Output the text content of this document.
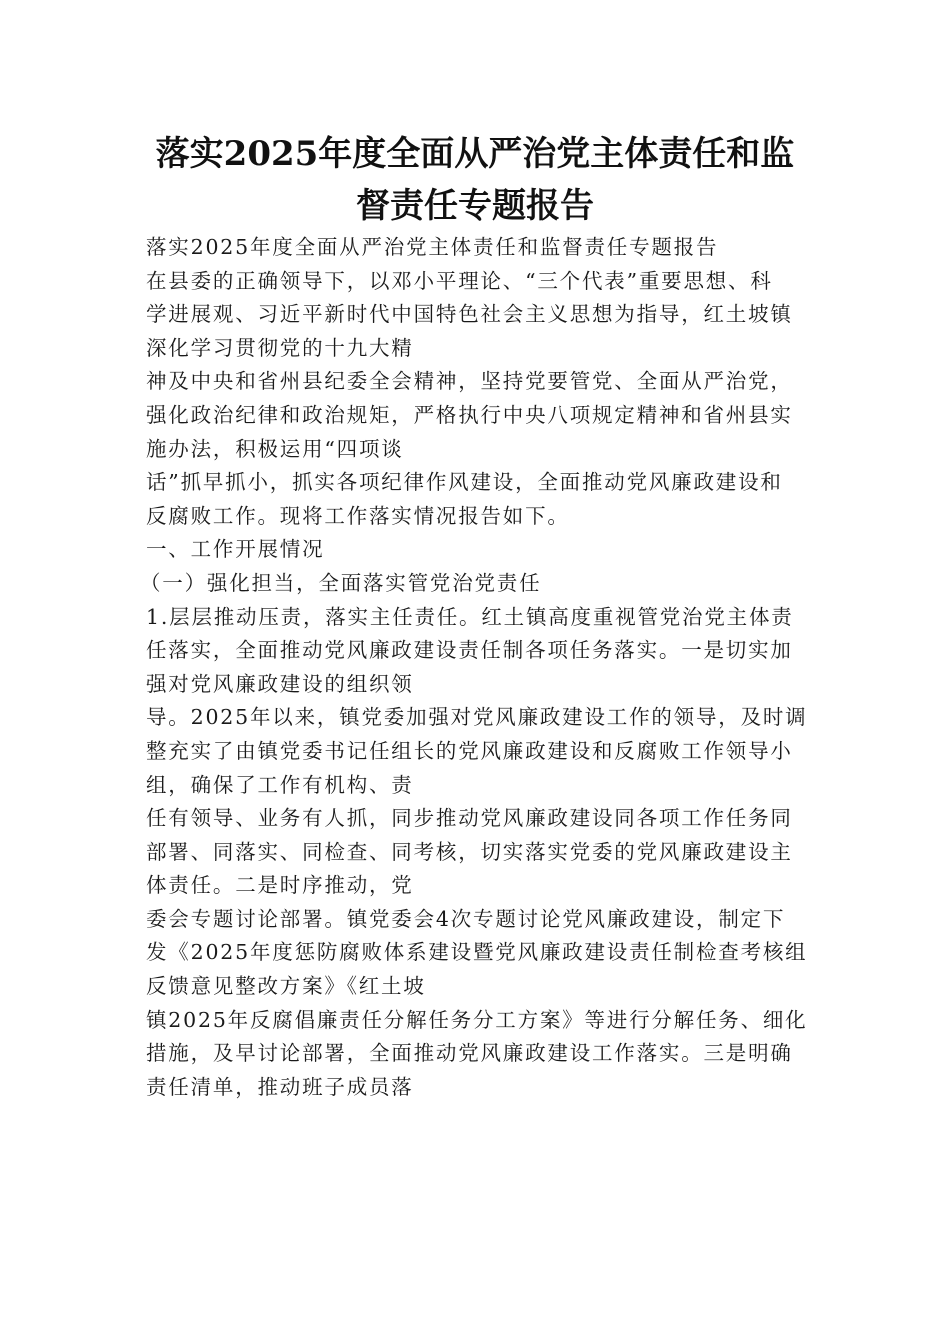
落实2025年度全面从严治党主体责任和监
督责任专题报告
落实2025年度全面从严治党主体责任和监督责任专题报告
在县委的正确领导下，以邓小平理论、“三个代表”重要思想、科
学进展观、习近平新时代中国特色社会主义思想为指导，红土坡镇
深化学习贯彻党的十九大精
神及中央和省州县纪委全会精神，坚持党要管党、全面从严治党，
强化政治纪律和政治规矩，严格执行中央八项规定精神和省州县实
施办法，积极运用“四项谈
话”抓早抓小，抓实各项纪律作风建设，全面推动党风廉政建设和
反腐败工作。现将工作落实情况报告如下。
一、工作开展情况
（一）强化担当，全面落实管党治党责任
1.层层推动压责，落实主任责任。红土镇高度重视管党治党主体责
任落实，全面推动党风廉政建设责任制各项任务落实。一是切实加
强对党风廉政建设的组织领
导。2025年以来，镇党委加强对党风廉政建设工作的领导，及时调
整充实了由镇党委书记任组长的党风廉政建设和反腐败工作领导小
组，确保了工作有机构、责
任有领导、业务有人抓，同步推动党风廉政建设同各项工作任务同
部署、同落实、同检查、同考核，切实落实党委的党风廉政建设主
体责任。二是时序推动，党
委会专题讨论部署。镇党委会4次专题讨论党风廉政建设，制定下
发《2025年度惩防腐败体系建设暨党风廉政建设责任制检查考核组
反馈意见整改方案》《红土坡
镇2025年反腐倡廉责任分解任务分工方案》等进行分解任务、细化
措施，及早讨论部署，全面推动党风廉政建设工作落实。三是明确
责任清单，推动班子成员落
